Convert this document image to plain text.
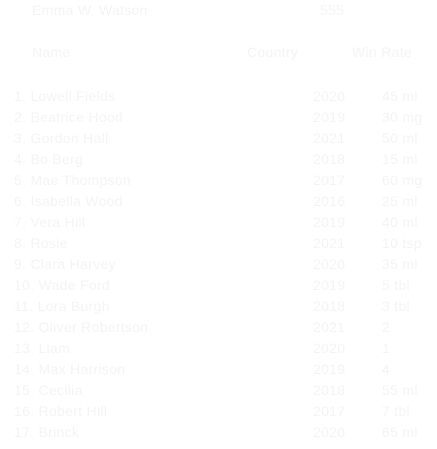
Emma W. Watson	555
Name	Country	Win Rate
1. Lowell Fields	2020	45 ml
2. Beatrice Hood	2019	30 mg
3. Gordon Hall	2021	50 ml
4. Bo Berg	2018	15 ml
5. Mae Thompson	2017	60 mg
6. Isabella Wood	2016	25 ml
7. Vera Hill	2019	40 ml
8. Rosie	2021	10 tsp
9. Clara Harvey	2020	35 ml
10. Wade Ford	2019	5 tbl
11. Lora Burgh	2018	3 tbl
12. Oliver Robertson	2021	2
13. Liam	2020	1
14. Max Harrison	2019	4
15. Cecilia	2018	55 ml
16. Robert Hill	2017	7 tbl
17. Brinck	2020	65 ml
